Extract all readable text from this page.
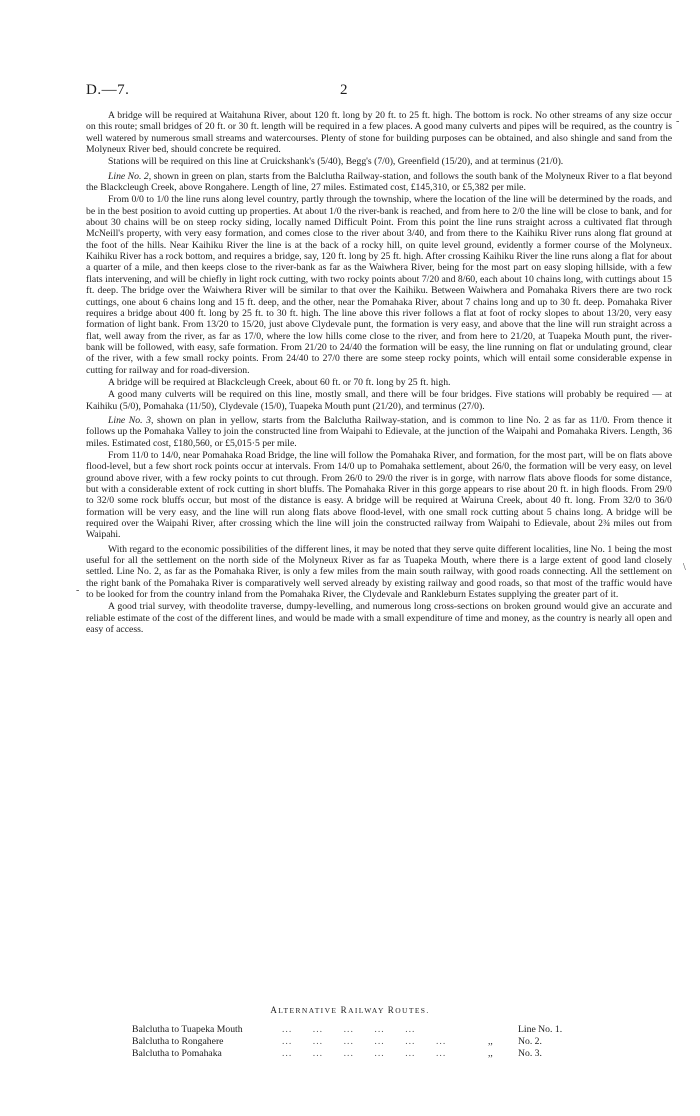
D.—7.	2
-
\
-

A bridge will be required at Waitahuna River, about 120 ft. long by 20 ft. to 25 ft. high. The bottom is rock. No other streams of any size occur on this route; small bridges of 20 ft. or 30 ft. length will be required in a few places. A good many culverts and pipes will be required, as the country is well watered by numerous small streams and watercourses. Plenty of stone for building purposes can be obtained, and also shingle and sand from the Molyneux River bed, should concrete be required.

Stations will be required on this line at Cruickshank's (5/40), Begg's (7/0), Greenfield (15/20), and at terminus (21/0).

Line No. 2, shown in green on plan, starts from the Balclutha Railway-station, and follows the south bank of the Molyneux River to a flat beyond the Blackcleugh Creek, above Rongahere. Length of line, 27 miles. Estimated cost, £145,310, or £5,382 per mile.

From 0/0 to 1/0 the line runs along level country, partly through the township, where the location of the line will be determined by the roads, and be in the best position to avoid cutting up properties. At about 1/0 the river-bank is reached, and from here to 2/0 the line will be close to bank, and for about 30 chains will be on steep rocky siding, locally named Difficult Point. From this point the line runs straight across a cultivated flat through McNeill's property, with very easy formation, and comes close to the river about 3/40, and from there to the Kaihiku River runs along flat ground at the foot of the hills. Near Kaihiku River the line is at the back of a rocky hill, on quite level ground, evidently a former course of the Molyneux. Kaihiku River has a rock bottom, and requires a bridge, say, 120 ft. long by 25 ft. high. After crossing Kaihiku River the line runs along a flat for about a quarter of a mile, and then keeps close to the river-bank as far as the Waiwhera River, being for the most part on easy sloping hillside, with a few flats intervening, and will be chiefly in light rock cutting, with two rocky points about 7/20 and 8/60, each about 10 chains long, with cuttings about 15 ft. deep. The bridge over the Waiwhera River will be similar to that over the Kaihiku. Between Waiwhera and Pomahaka Rivers there are two rock cuttings, one about 6 chains long and 15 ft. deep, and the other, near the Pomahaka River, about 7 chains long and up to 30 ft. deep. Pomahaka River requires a bridge about 400 ft. long by 25 ft. to 30 ft. high. The line above this river follows a flat at foot of rocky slopes to about 13/20, very easy formation of light bank. From 13/20 to 15/20, just above Clydevale punt, the formation is very easy, and above that the line will run straight across a flat, well away from the river, as far as 17/0, where the low hills come close to the river, and from here to 21/20, at Tuapeka Mouth punt, the river-bank will be followed, with easy, safe formation. From 21/20 to 24/40 the formation will be easy, the line running on flat or undulating ground, clear of the river, with a few small rocky points. From 24/40 to 27/0 there are some steep rocky points, which will entail some considerable expense in cutting for railway and for road-diversion.

A bridge will be required at Blackcleugh Creek, about 60 ft. or 70 ft. long by 25 ft. high.

A good many culverts will be required on this line, mostly small, and there will be four bridges. Five stations will probably be required — at Kaihiku (5/0), Pomahaka (11/50), Clydevale (15/0), Tuapeka Mouth punt (21/20), and terminus (27/0).

Line No. 3, shown on plan in yellow, starts from the Balclutha Railway-station, and is common to line No. 2 as far as 11/0. From thence it follows up the Pomahaka Valley to join the constructed line from Waipahi to Edievale, at the junction of the Waipahi and Pomahaka Rivers. Length, 36 miles. Estimated cost, £180,560, or £5,015·5 per mile.

From 11/0 to 14/0, near Pomahaka Road Bridge, the line will follow the Pomahaka River, and formation, for the most part, will be on flats above flood-level, but a few short rock points occur at intervals. From 14/0 up to Pomahaka settlement, about 26/0, the formation will be very easy, on level ground above river, with a few rocky points to cut through. From 26/0 to 29/0 the river is in gorge, with narrow flats above floods for some distance, but with a considerable extent of rock cutting in short bluffs. The Pomahaka River in this gorge appears to rise about 20 ft. in high floods. From 29/0 to 32/0 some rock bluffs occur, but most of the distance is easy. A bridge will be required at Wairuna Creek, about 40 ft. long. From 32/0 to 36/0 formation will be very easy, and the line will run along flats above flood-level, with one small rock cutting about 5 chains long. A bridge will be required over the Waipahi River, after crossing which the line will join the constructed railway from Waipahi to Edievale, about 2¾ miles out from Waipahi.

With regard to the economic possibilities of the different lines, it may be noted that they serve quite different localities, line No. 1 being the most useful for all the settlement on the north side of the Molyneux River as far as Tuapeka Mouth, where there is a large extent of good land closely settled. Line No. 2, as far as the Pomahaka River, is only a few miles from the main south railway, with good roads connecting. All the settlement on the right bank of the Pomahaka River is comparatively well served already by existing railway and good roads, so that most of the traffic would have to be looked for from the country inland from the Pomahaka River, the Clydevale and Rankleburn Estates supplying the greater part of it.

A good trial survey, with theodolite traverse, dumpy-levelling, and numerous long cross-sections on broken ground would give an accurate and reliable estimate of the cost of the different lines, and would be made with a small expenditure of time and money, as the country is nearly all open and easy of access.

ALTERNATIVE RAILWAY ROUTES.
Balclutha to Tuapeka Mouth	...      ...      ...      ...      ...	Line No. 1.
Balclutha to Rongahere	...      ...      ...      ...      ...      ...	,,	No. 2.
Balclutha to Pomahaka	...      ...      ...      ...      ...      ...	,,	No. 3.
